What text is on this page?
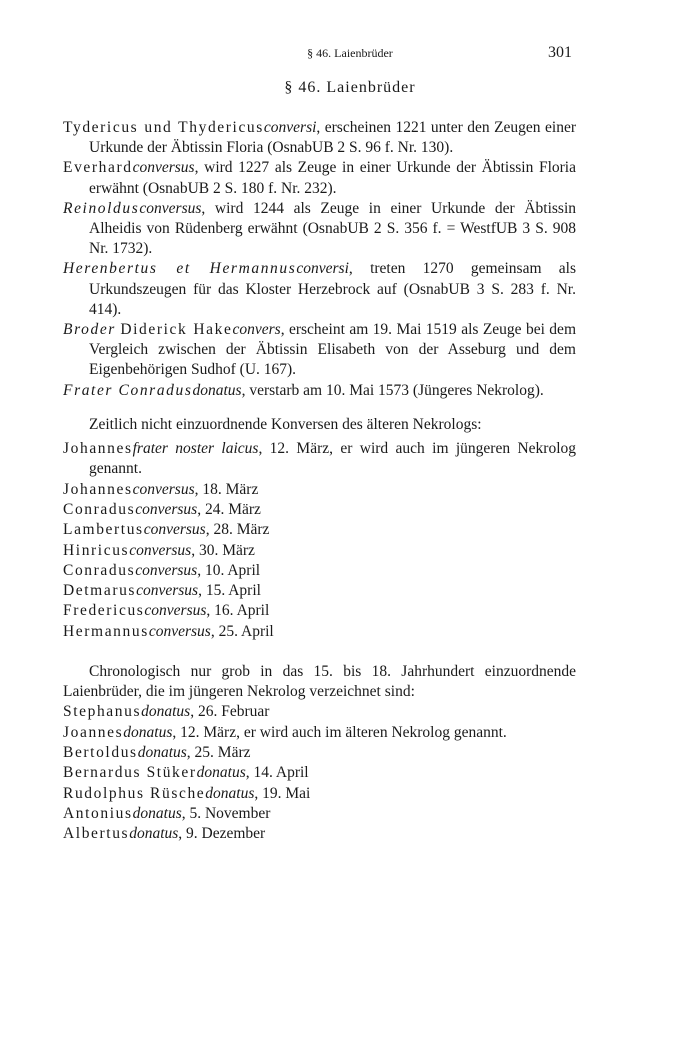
§ 46. Laienbrüder	301
§ 46. Laienbrüder
Tydericus und Thydericusconversi, erscheinen 1221 unter den Zeugen einer Urkunde der Äbtissin Floria (OsnabUB 2 S. 96 f. Nr. 130).
Everhardconversus, wird 1227 als Zeuge in einer Urkunde der Äbtissin Floria erwähnt (OsnabUB 2 S. 180 f. Nr. 232).
Reinoldusconversus, wird 1244 als Zeuge in einer Urkunde der Äbtissin Alheidis von Rüdenberg erwähnt (OsnabUB 2 S. 356 f. = WestfUB 3 S. 908 Nr. 1732).
Herenbertus et Hermannusconversi, treten 1270 gemeinsam als Urkundszeugen für das Kloster Herzebrock auf (OsnabUB 3 S. 283 f. Nr. 414).
Broder Diderick Hakeconvers, erscheint am 19. Mai 1519 als Zeuge bei dem Vergleich zwischen der Äbtissin Elisabeth von der Asseburg und dem Eigenbehörigen Sudhof (U. 167).
Frater Conradusdonatus, verstarb am 10. Mai 1573 (Jüngeres Nekrolog).
Zeitlich nicht einzuordnende Konversen des älteren Nekrologs:
Johannesfrater noster laicus, 12. März, er wird auch im jüngeren Nekrolog genannt.
Johannesconversus, 18. März
Conradusconversus, 24. März
Lambertusconversus, 28. März
Hinricusconversus, 30. März
Conradusconversus, 10. April
Detmarusconversus, 15. April
Fredericusconversus, 16. April
Hermannusconversus, 25. April
Chronologisch nur grob in das 15. bis 18. Jahrhundert einzuordnende Laienbrüder, die im jüngeren Nekrolog verzeichnet sind:
Stephanusdonatus, 26. Februar
Joannesdonatus, 12. März, er wird auch im älteren Nekrolog genannt.
Bertoldusdonatus, 25. März
Bernardus Stükerdonatus, 14. April
Rudolphus Rüschedonatus, 19. Mai
Antoniusdonatus, 5. November
Albertusdonatus, 9. Dezember
